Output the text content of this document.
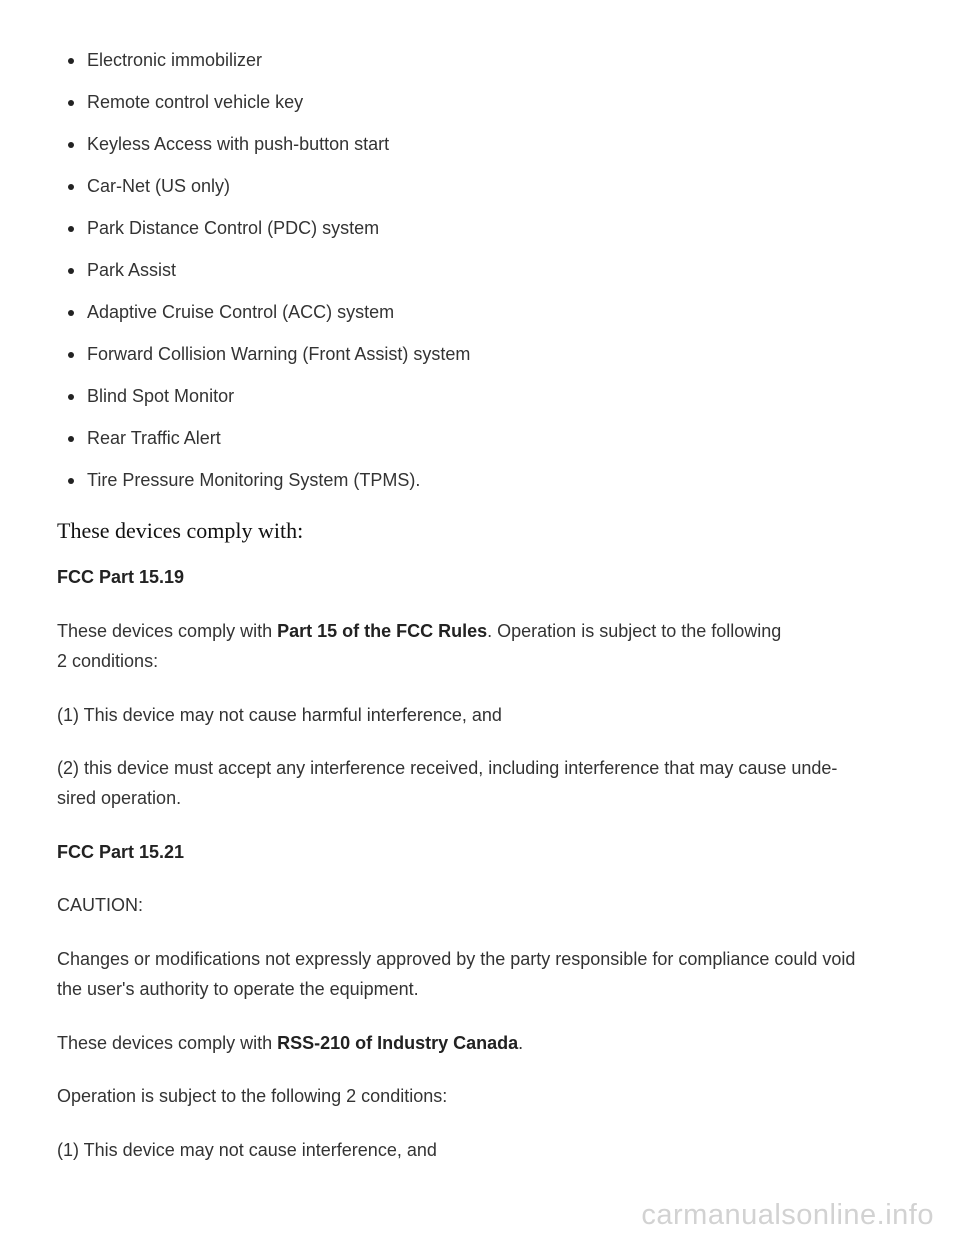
Electronic immobilizer
Remote control vehicle key
Keyless Access with push-button start
Car-Net (US only)
Park Distance Control (PDC) system
Park Assist
Adaptive Cruise Control (ACC) system
Forward Collision Warning (Front Assist) system
Blind Spot Monitor
Rear Traffic Alert
Tire Pressure Monitoring System (TPMS).
These devices comply with:

FCC Part 15.19

These devices comply with Part 15 of the FCC Rules. Operation is subject to the following
2 conditions:

(1) This device may not cause harmful interference, and

(2) this device must accept any interference received, including interference that may cause unde-
sired operation.

FCC Part 15.21

CAUTION:

Changes or modifications not expressly approved by the party responsible for compliance could void
the user's authority to operate the equipment.

These devices comply with RSS-210 of Industry Canada.

Operation is subject to the following 2 conditions:

(1) This device may not cause interference, and

carmanualsonline.info
